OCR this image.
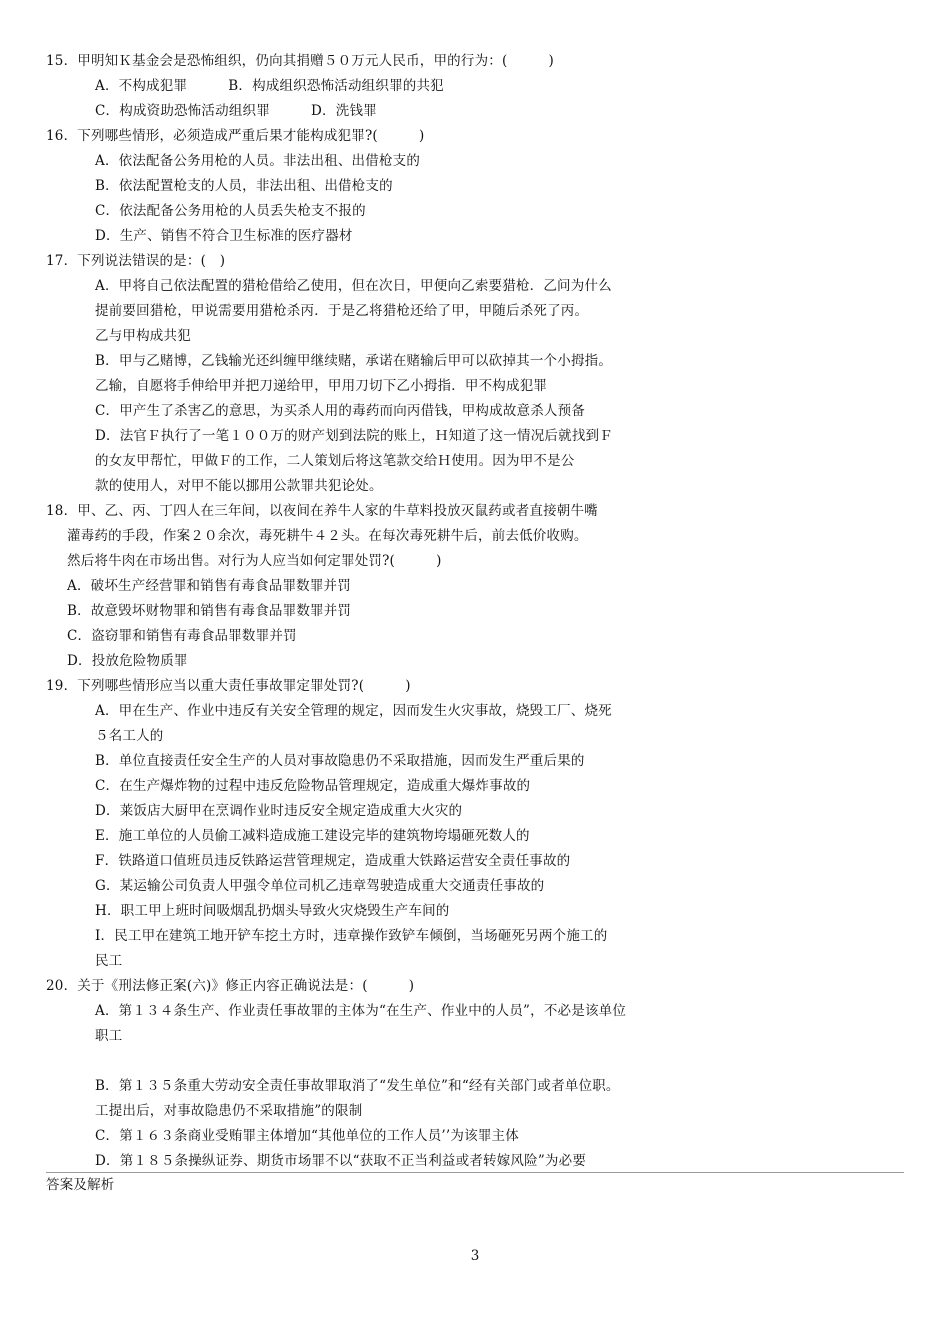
15．甲明知Ｋ基金会是恐怖组织，仍向其捐赠５０万元人民币，甲的行为：(　　　)
A．不构成犯罪　　　B．构成组织恐怖活动组织罪的共犯
C．构成资助恐怖活动组织罪　　　D．洗钱罪
16．下列哪些情形，必须造成严重后果才能构成犯罪?(　　　)
A．依法配备公务用枪的人员。非法出租、出借枪支的
B．依法配置枪支的人员，非法出租、出借枪支的
C．依法配备公务用枪的人员丢失枪支不报的
D．生产、销售不符合卫生标准的医疗器材
17．下列说法错误的是：(　)
A．甲将自己依法配置的猎枪借给乙使用，但在次日，甲便向乙索要猎枪．乙问为什么
提前要回猎枪，甲说需要用猎枪杀丙．于是乙将猎枪还给了甲，甲随后杀死了丙。
乙与甲构成共犯
B．甲与乙赌博，乙钱输光还纠缠甲继续赌，承诺在赌输后甲可以砍掉其一个小拇指。
乙输，自愿将手伸给甲并把刀递给甲，甲用刀切下乙小拇指．甲不构成犯罪
C．甲产生了杀害乙的意思，为买杀人用的毒药而向丙借钱，甲构成故意杀人预备
D．法官Ｆ执行了一笔１００万的财产划到法院的账上，Ｈ知道了这一情况后就找到Ｆ
的女友甲帮忙，甲做Ｆ的工作，二人策划后将这笔款交给Ｈ使用。因为甲不是公
款的使用人，对甲不能以挪用公款罪共犯论处。
18．甲、乙、丙、丁四人在三年间，以夜间在养牛人家的牛草料投放灭鼠药或者直接朝牛嘴
灌毒药的手段，作案２０余次，毒死耕牛４２头。在每次毒死耕牛后，前去低价收购。
然后将牛肉在市场出售。对行为人应当如何定罪处罚?(　　　)
A．破坏生产经营罪和销售有毒食品罪数罪并罚
B．故意毁坏财物罪和销售有毒食品罪数罪并罚
C．盗窃罪和销售有毒食品罪数罪并罚
D．投放危险物质罪
19．下列哪些情形应当以重大责任事故罪定罪处罚?(　　　)
A．甲在生产、作业中违反有关安全管理的规定，因而发生火灾事故，烧毁工厂、烧死
５名工人的
B．单位直接责任安全生产的人员对事故隐患仍不采取措施，因而发生严重后果的
C．在生产爆炸物的过程中违反危险物品管理规定，造成重大爆炸事故的
D．莱饭店大厨甲在烹调作业时违反安全规定造成重大火灾的
E．施工单位的人员偷工减料造成施工建设完毕的建筑物垮塌砸死数人的
F．铁路道口值班员违反铁路运营管理规定，造成重大铁路运营安全责任事故的
G．某运输公司负责人甲强令单位司机乙违章驾驶造成重大交通责任事故的
H．职工甲上班时间吸烟乱扔烟头导致火灾烧毁生产车间的
I．民工甲在建筑工地开铲车挖土方时，违章操作致铲车倾倒，当场砸死另两个施工的
民工
20．关于《刑法修正案(六)》修正内容正确说法是：(　　　)
A．第１３４条生产、作业责任事故罪的主体为“在生产、作业中的人员”，不必是该单位
职工
B．第１３５条重大劳动安全责任事故罪取消了“发生单位”和“经有关部门或者单位职。
工提出后，对事故隐患仍不采取措施”的限制
C．第１６３条商业受贿罪主体增加“其他单位的工作人员’’为该罪主体
D．第１８５条操纵证券、期货市场罪不以“获取不正当利益或者转嫁风险”为必要
答案及解析
3
